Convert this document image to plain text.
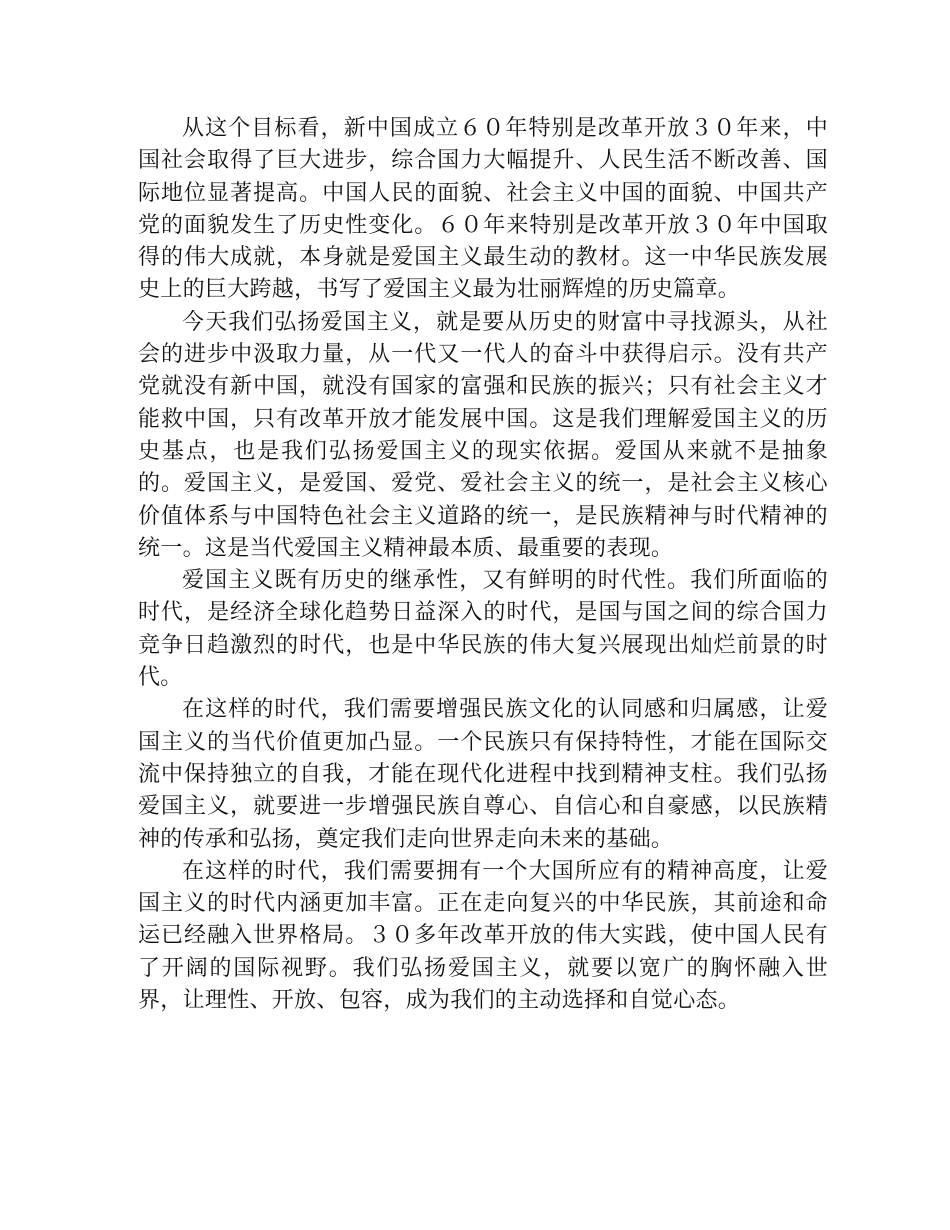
从这个目标看，新中国成立６０年特别是改革开放３０年来，中国社会取得了巨大进步，综合国力大幅提升、人民生活不断改善、国际地位显著提高。中国人民的面貌、社会主义中国的面貌、中国共产党的面貌发生了历史性变化。６０年来特别是改革开放３０年中国取得的伟大成就，本身就是爱国主义最生动的教材。这一中华民族发展史上的巨大跨越，书写了爱国主义最为壮丽辉煌的历史篇章。

今天我们弘扬爱国主义，就是要从历史的财富中寻找源头，从社会的进步中汲取力量，从一代又一代人的奋斗中获得启示。没有共产党就没有新中国，就没有国家的富强和民族的振兴；只有社会主义才能救中国，只有改革开放才能发展中国。这是我们理解爱国主义的历史基点，也是我们弘扬爱国主义的现实依据。爱国从来就不是抽象的。爱国主义，是爱国、爱党、爱社会主义的统一，是社会主义核心价值体系与中国特色社会主义道路的统一，是民族精神与时代精神的统一。这是当代爱国主义精神最本质、最重要的表现。

爱国主义既有历史的继承性，又有鲜明的时代性。我们所面临的时代，是经济全球化趋势日益深入的时代，是国与国之间的综合国力竞争日趋激烈的时代，也是中华民族的伟大复兴展现出灿烂前景的时代。

在这样的时代，我们需要增强民族文化的认同感和归属感，让爱国主义的当代价值更加凸显。一个民族只有保持特性，才能在国际交流中保持独立的自我，才能在现代化进程中找到精神支柱。我们弘扬爱国主义，就要进一步增强民族自尊心、自信心和自豪感，以民族精神的传承和弘扬，奠定我们走向世界走向未来的基础。

在这样的时代，我们需要拥有一个大国所应有的精神高度，让爱国主义的时代内涵更加丰富。正在走向复兴的中华民族，其前途和命运已经融入世界格局。３０多年改革开放的伟大实践，使中国人民有了开阔的国际视野。我们弘扬爱国主义，就要以宽广的胸怀融入世界，让理性、开放、包容，成为我们的主动选择和自觉心态。
